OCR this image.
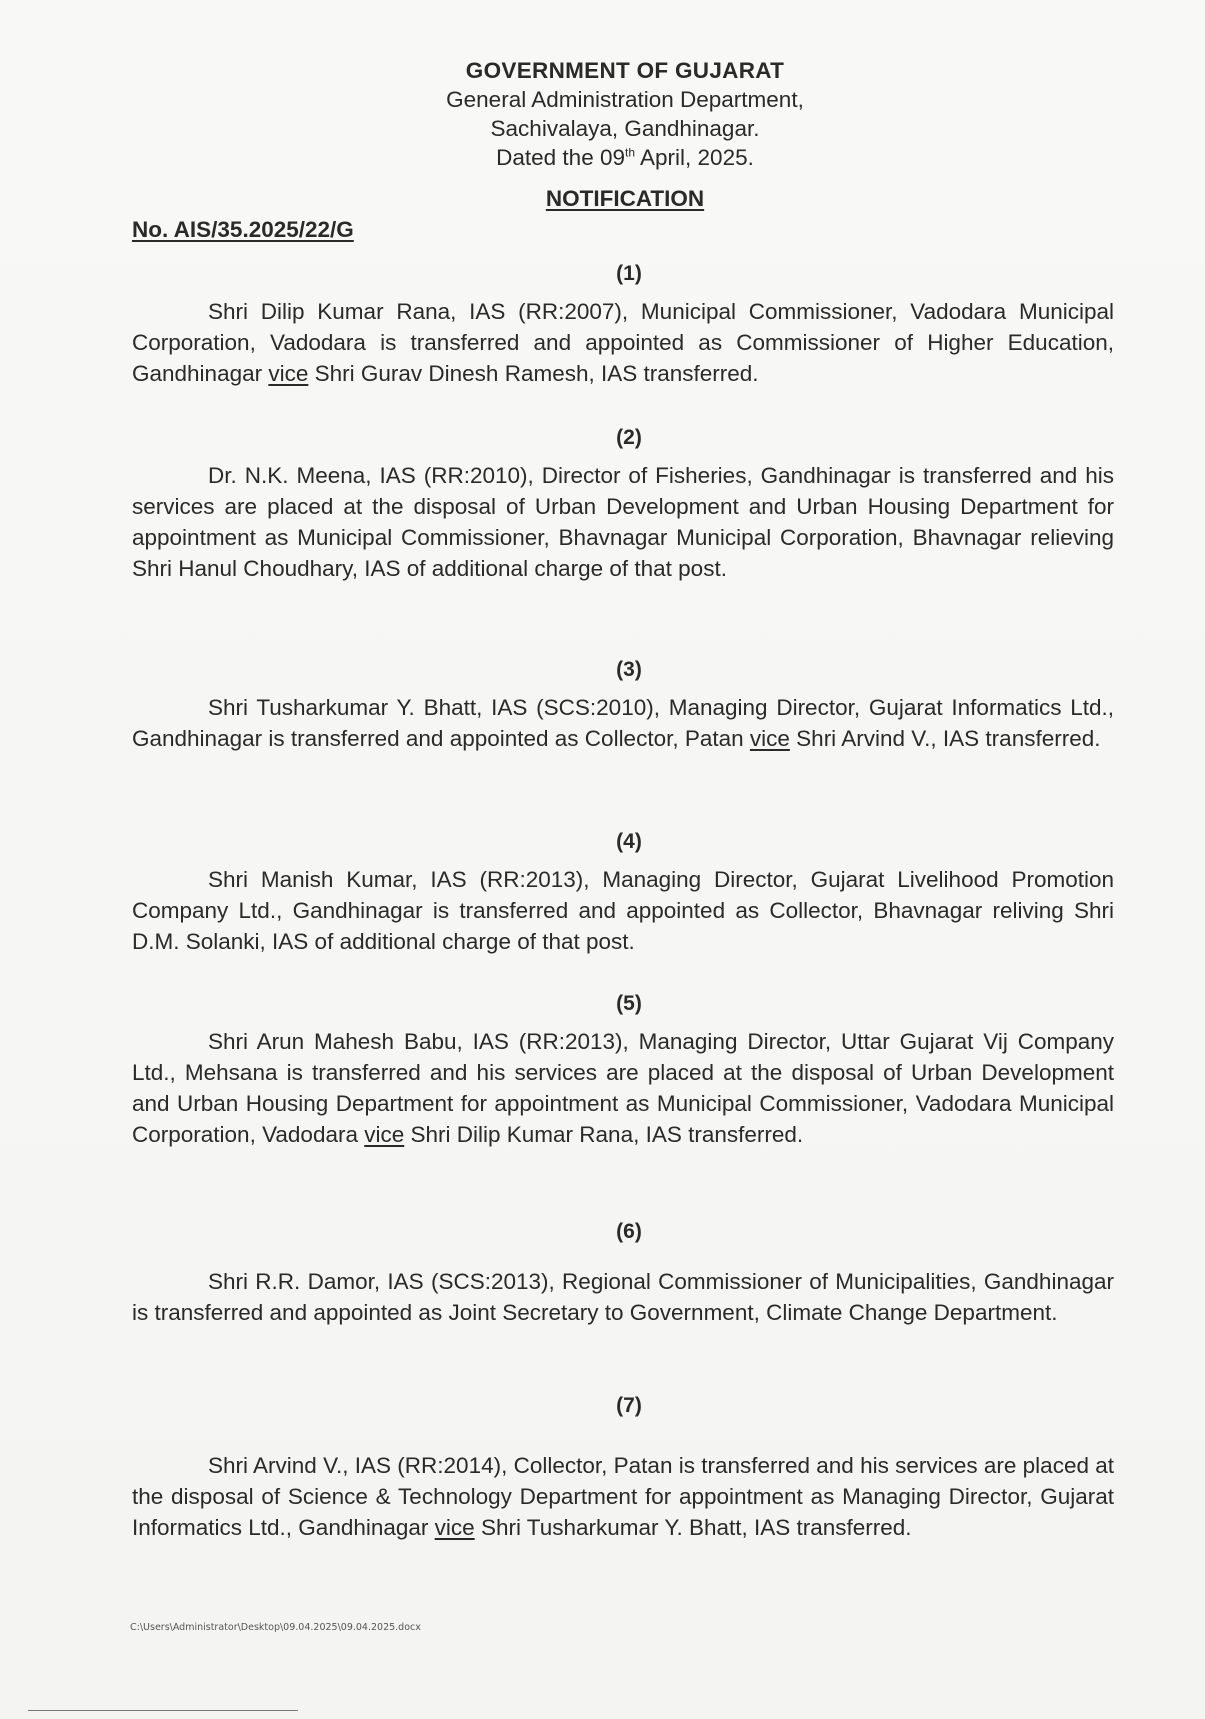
GOVERNMENT OF GUJARAT
General Administration Department,
Sachivalaya, Gandhinagar.
Dated the 09th April, 2025.
NOTIFICATION
No. AIS/35.2025/22/G
(1)
Shri Dilip Kumar Rana, IAS (RR:2007), Municipal Commissioner, Vadodara Municipal Corporation, Vadodara is transferred and appointed as Commissioner of Higher Education, Gandhinagar vice Shri Gurav Dinesh Ramesh, IAS transferred.
(2)
Dr. N.K. Meena, IAS (RR:2010), Director of Fisheries, Gandhinagar is transferred and his services are placed at the disposal of Urban Development and Urban Housing Department for appointment as Municipal Commissioner, Bhavnagar Municipal Corporation, Bhavnagar relieving Shri Hanul Choudhary, IAS of additional charge of that post.
(3)
Shri Tusharkumar Y. Bhatt, IAS (SCS:2010), Managing Director, Gujarat Informatics Ltd., Gandhinagar is transferred and appointed as Collector, Patan vice Shri Arvind V., IAS transferred.
(4)
Shri Manish Kumar, IAS (RR:2013), Managing Director, Gujarat Livelihood Promotion Company Ltd., Gandhinagar is transferred and appointed as Collector, Bhavnagar reliving Shri D.M. Solanki, IAS of additional charge of that post.
(5)
Shri Arun Mahesh Babu, IAS (RR:2013), Managing Director, Uttar Gujarat Vij Company Ltd., Mehsana is transferred and his services are placed at the disposal of Urban Development and Urban Housing Department for appointment as Municipal Commissioner, Vadodara Municipal Corporation, Vadodara vice Shri Dilip Kumar Rana, IAS transferred.
(6)
Shri R.R. Damor, IAS (SCS:2013), Regional Commissioner of Municipalities, Gandhinagar is transferred and appointed as Joint Secretary to Government, Climate Change Department.
(7)
Shri Arvind V., IAS (RR:2014), Collector, Patan is transferred and his services are placed at the disposal of Science & Technology Department for appointment as Managing Director, Gujarat Informatics Ltd., Gandhinagar vice Shri Tusharkumar Y. Bhatt, IAS transferred.
C:\Users\Administrator\Desktop\09.04.2025\09.04.2025.docx
